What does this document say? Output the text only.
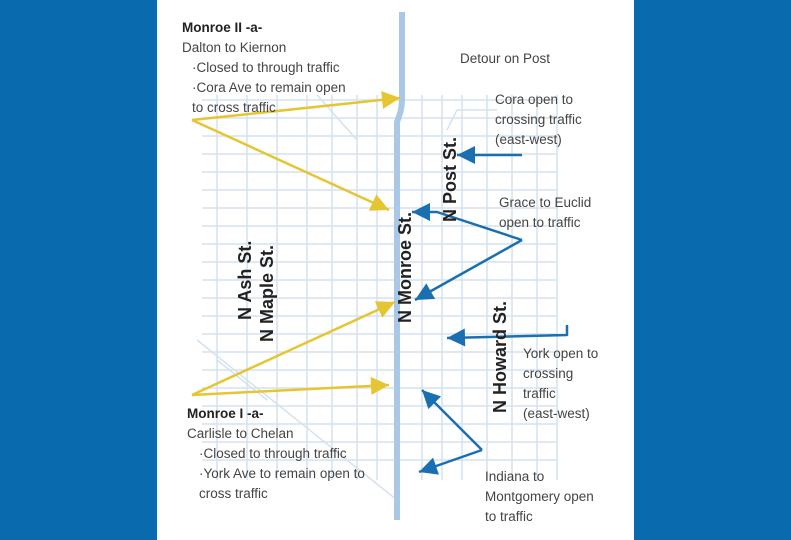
N Monroe St.
N Post St.
N Ash St. N Maple St.
N Howard St.
Monroe II -a-
Dalton to Kiernon
·Closed to through traffic
·Cora Ave to remain open
to cross traffic
Monroe I -a-
Carlisle to Chelan
·Closed to through traffic
·York Ave to remain open to
cross traffic
Detour on Post
Cora open to
crossing traffic
(east-west)
Grace to Euclid
open to traffic
York open to
crossing
traffic
(east-west)
Indiana to
Montgomery open
to traffic
